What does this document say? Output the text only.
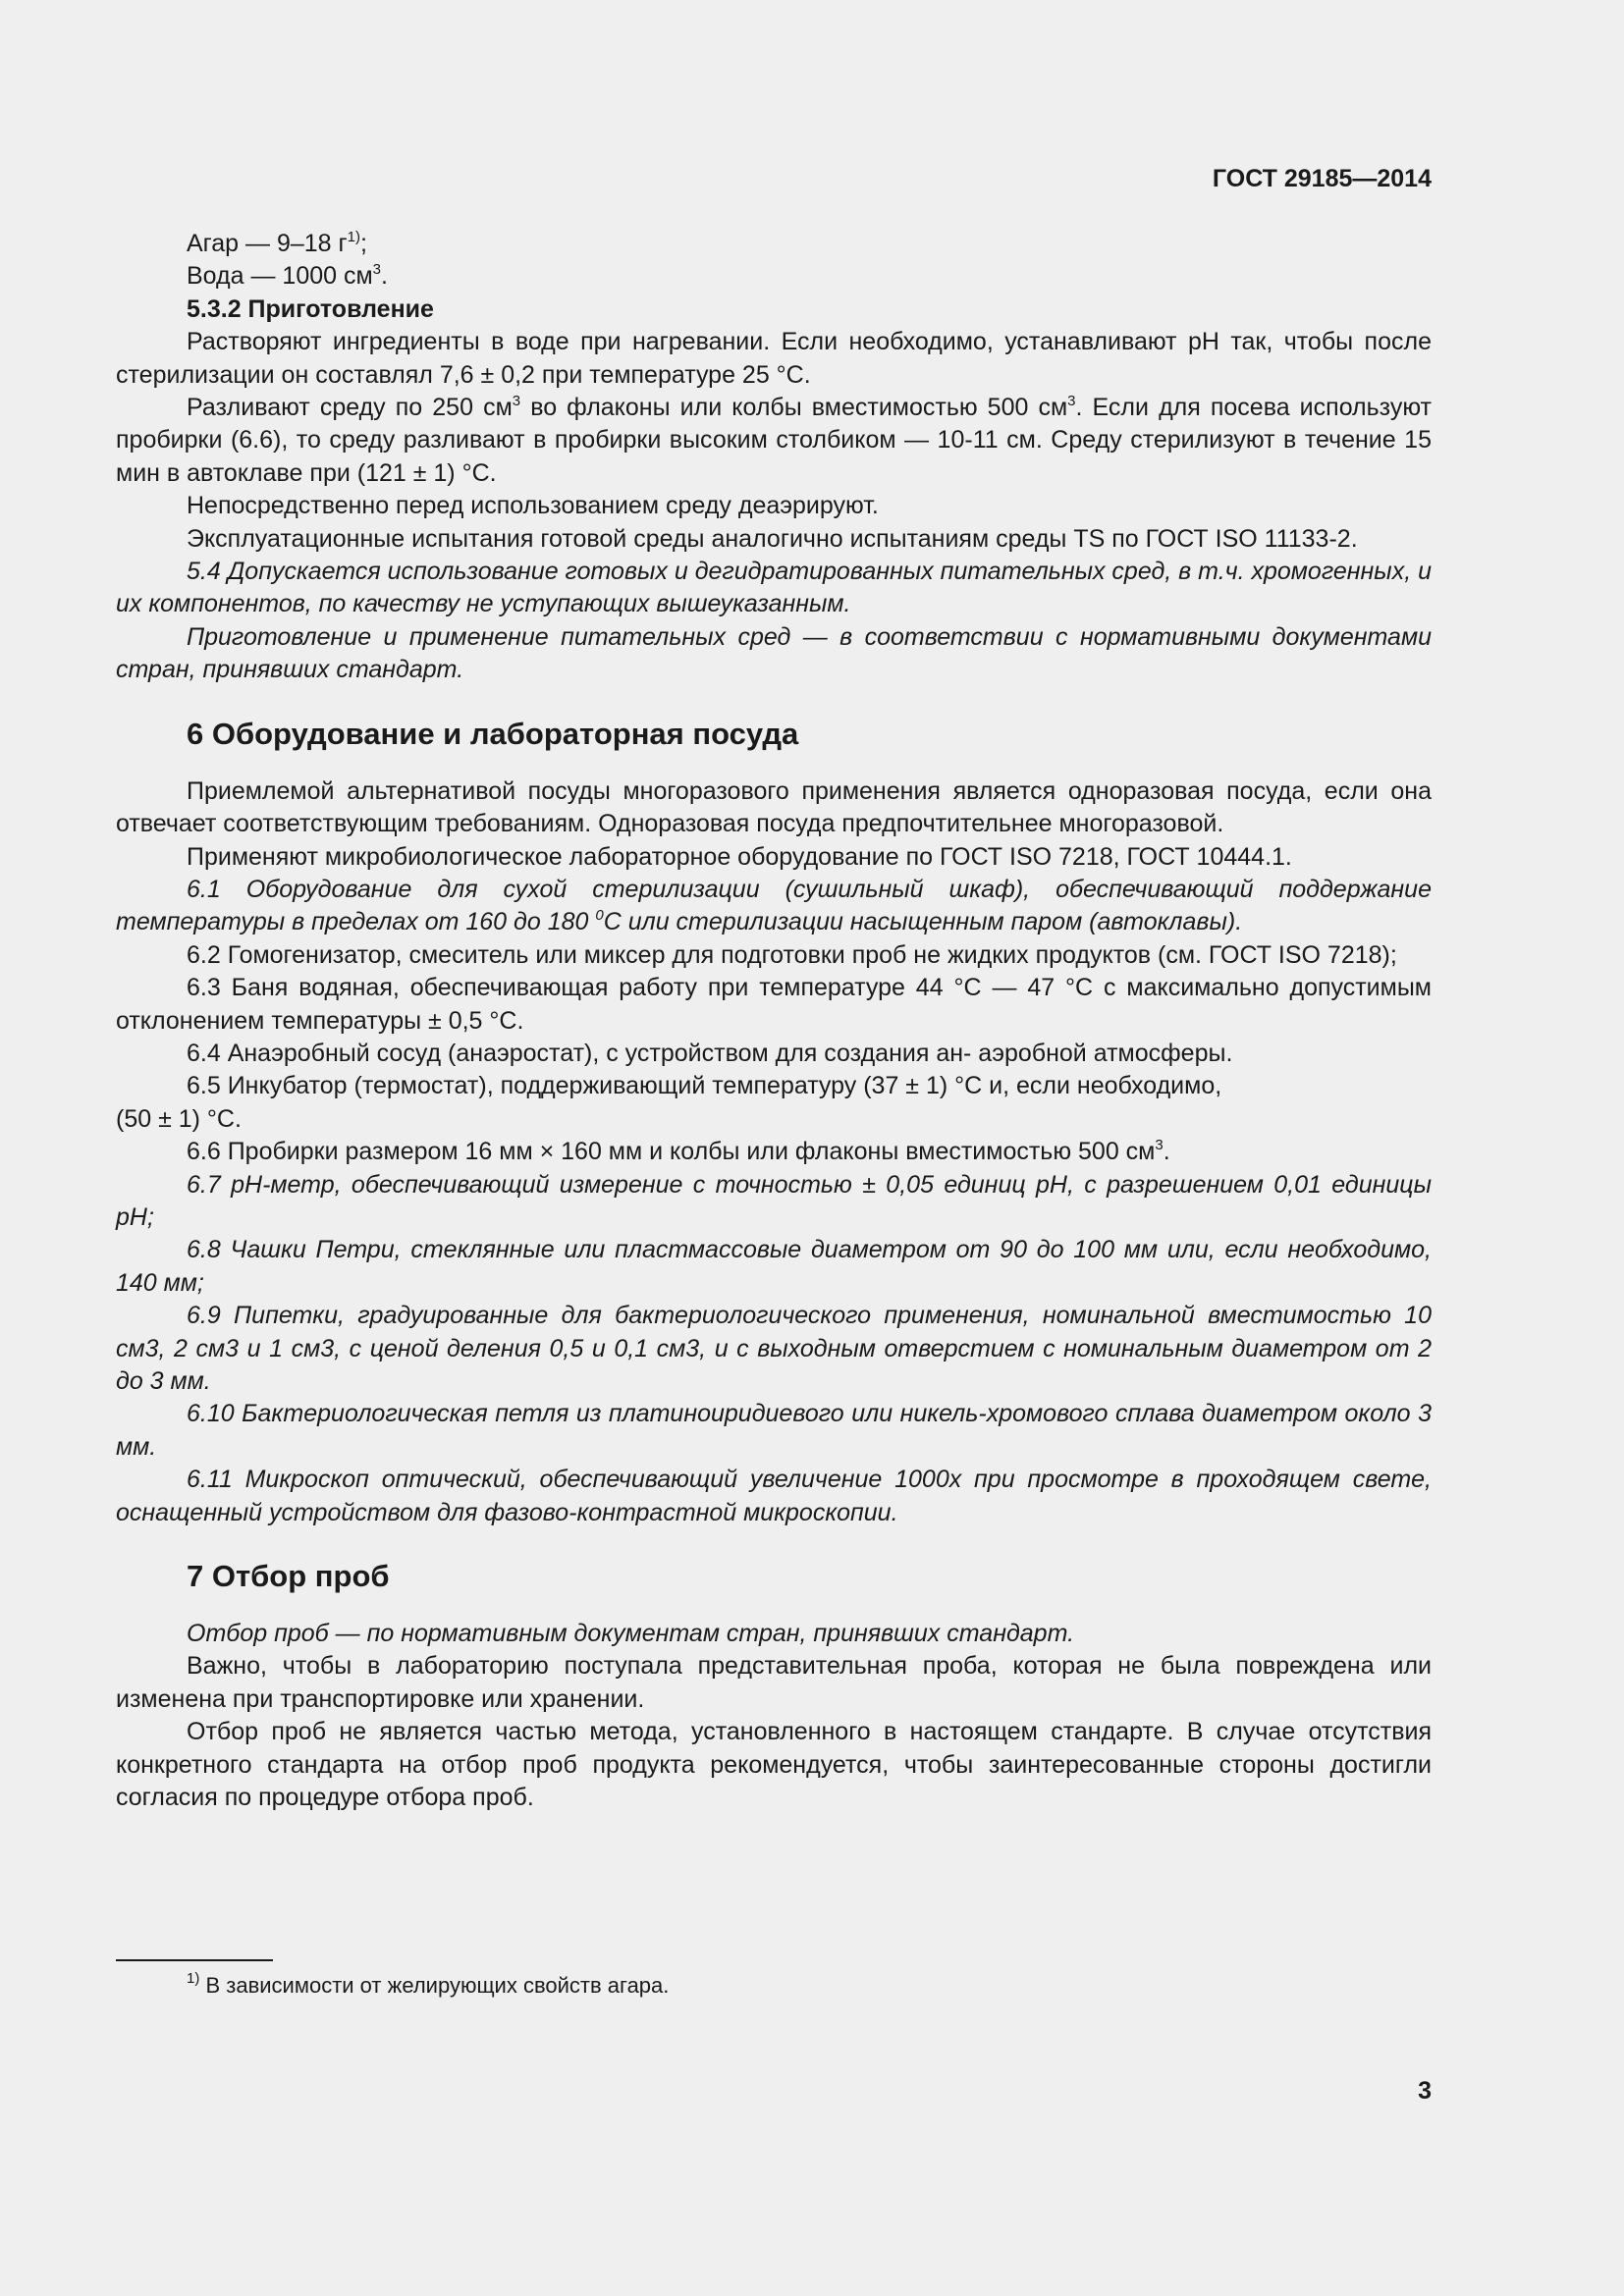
ГОСТ 29185—2014

Агар — 9–18 $г^{1)}$;

Вода — 1000 $см^3$.

5.3.2 Приготовление

Растворяют ингредиенты в воде при нагревании. Если необходимо, устанавливают pH так, чтобы после стерилизации он составлял 7,6 ± 0,2 при температуре 25 °С.

Разливают среду по 250 $см^3$ во флаконы или колбы вместимостью 500 $см^3$. Если для посева используют пробирки (6.6), то среду разливают в пробирки высоким столбиком — 10-11 см. Среду стерилизуют в течение 15 мин в автоклаве при (121 ± 1) °С.

Непосредственно перед использованием среду деаэрируют.

Эксплуатационные испытания готовой среды аналогично испытаниям среды TS по ГОСТ ISO 11133-2.

5.4 Допускается использование готовых и дегидратированных питательных сред, в т.ч. хромогенных, и их компонентов, по качеству не уступающих вышеуказанным.

Приготовление и применение питательных сред — в соответствии с нормативными документами стран, принявших стандарт.

6 Оборудование и лабораторная посуда

Приемлемой альтернативой посуды многоразового применения является одноразовая посуда, если она отвечает соответствующим требованиям. Одноразовая посуда предпочтительнее многоразовой.

Применяют микробиологическое лабораторное оборудование по ГОСТ ISO 7218, ГОСТ 10444.1.

6.1 Оборудование для сухой стерилизации (сушильный шкаф), обеспечивающий поддержание температуры в пределах от 160 до 180 $^0$С или стерилизации насыщенным паром (автоклавы).

6.2 Гомогенизатор, смеситель или миксер для подготовки проб не жидких продуктов (см. ГОСТ ISO 7218);

6.3 Баня водяная, обеспечивающая работу при температуре 44 °С — 47 °С с максимально допустимым отклонением температуры ± 0,5 °С.

6.4 Анаэробный сосуд (анаэростат), с устройством для создания ан- аэробной атмосферы.

6.5 Инкубатор (термостат), поддерживающий температуру (37 ± 1) °С и, если необходимо,

(50 ± 1) °С.

6.6 Пробирки размером 16 мм × 160 мм и колбы или флаконы вместимостью 500 $см^3$.

6.7 pH-метр, обеспечивающий измерение с точностью ± 0,05 единиц pH, с разрешением 0,01 единицы pH;

6.8 Чашки Петри, стеклянные или пластмассовые диаметром от 90 до 100 мм или, если необходимо, 140 мм;

6.9 Пипетки, градуированные для бактериологического применения, номинальной вместимостью 10 см3, 2 см3 и 1 см3, с ценой деления 0,5 и 0,1 см3, и с выходным отверстием с номинальным диаметром от 2 до 3 мм.

6.10 Бактериологическая петля из платиноиридиевого или никель-хромового сплава диаметром около 3 мм.

6.11 Микроскоп оптический, обеспечивающий увеличение 1000х при просмотре в проходящем свете, оснащенный устройством для фазово-контрастной микроскопии.

7 Отбор проб

Отбор проб — по нормативным документам стран, принявших стандарт.

Важно, чтобы в лабораторию поступала представительная проба, которая не была повреждена или изменена при транспортировке или хранении.

Отбор проб не является частью метода, установленного в настоящем стандарте. В случае отсутствия конкретного стандарта на отбор проб продукта рекомендуется, чтобы заинтересованные стороны достигли согласия по процедуре отбора проб.

$^{1)}$ В зависимости от желирующих свойств агара.
3
